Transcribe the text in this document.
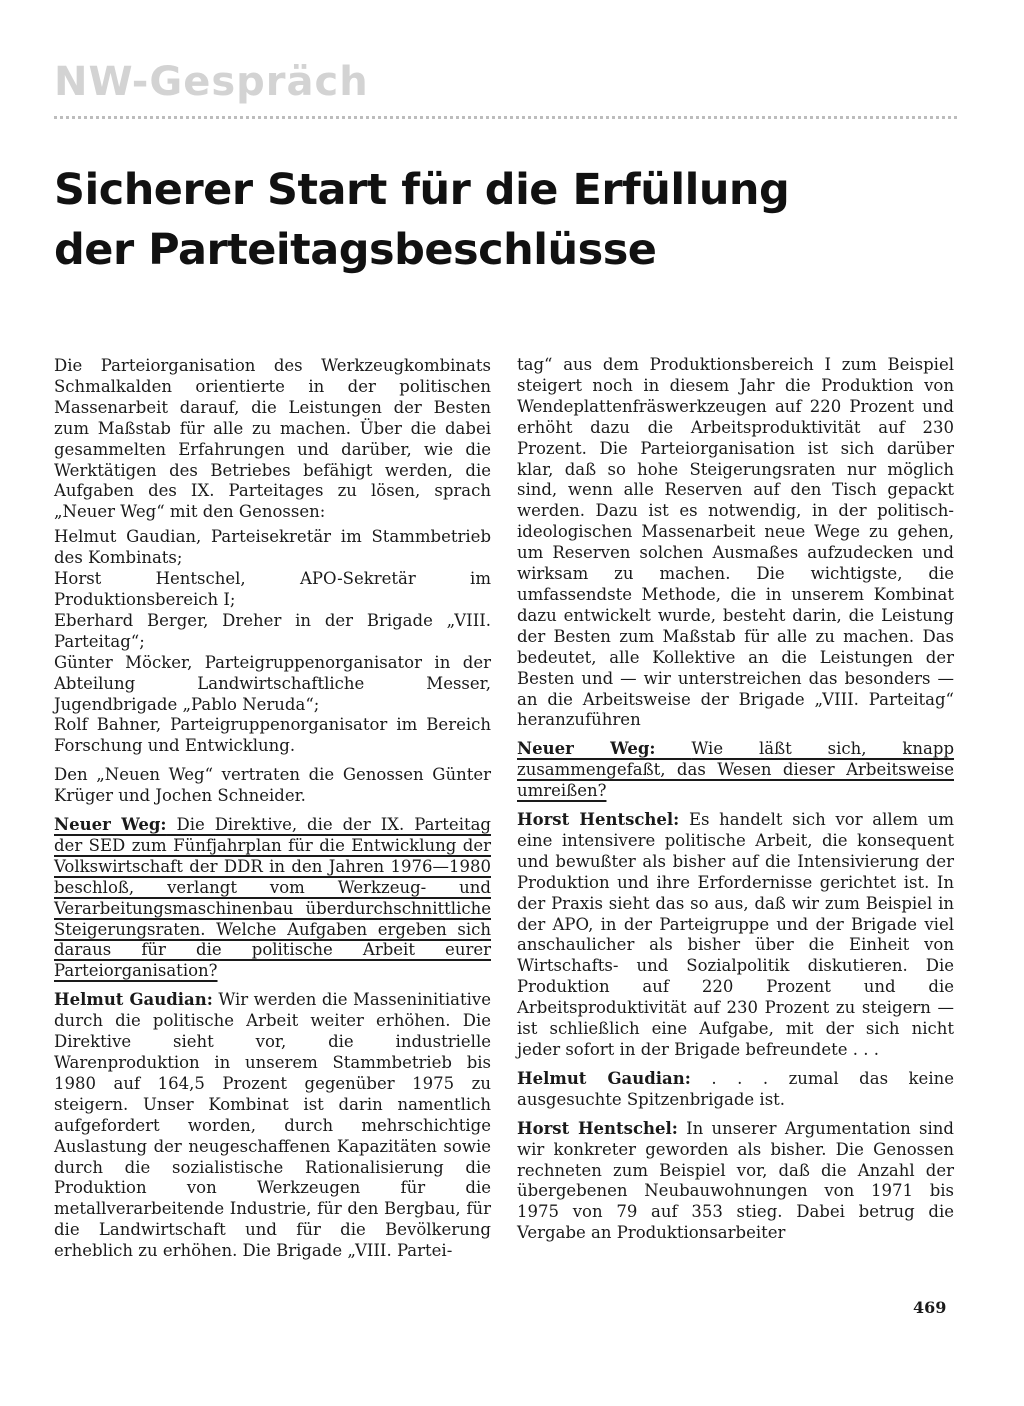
NW-Gespräch
Sicherer Start für die Erfüllung
der Parteitagsbeschlüsse

Die Parteiorganisation des Werkzeugkombinats Schmalkalden orientierte in der politischen Massenarbeit darauf, die Leistungen der Besten zum Maßstab für alle zu machen. Über die dabei gesammelten Erfahrungen und darüber, wie die Werktätigen des Betriebes befähigt werden, die Aufgaben des IX. Parteitages zu lösen, sprach „Neuer Weg“ mit den Genossen:

Helmut Gaudian, Parteisekretär im Stammbetrieb des Kombinats;

Horst Hentschel, APO-Sekretär im Produktionsbereich I;

Eberhard Berger, Dreher in der Brigade „VIII. Parteitag“;

Günter Möcker, Parteigruppenorganisator in der Abteilung Landwirtschaftliche Messer, Jugendbrigade „Pablo Neruda“;

Rolf Bahner, Parteigruppenorganisator im Bereich Forschung und Entwicklung.

Den „Neuen Weg“ vertraten die Genossen Günter Krüger und Jochen Schneider.

Neuer Weg: Die Direktive, die der IX. Parteitag der SED zum Fünfjahrplan für die Entwicklung der Volkswirtschaft der DDR in den Jahren 1976—1980 beschloß, verlangt vom Werkzeug- und Verarbeitungsmaschinenbau überdurchschnittliche Steigerungsraten. Welche Aufgaben ergeben sich daraus für die politische Arbeit eurer Parteiorganisation?

Helmut Gaudian: Wir werden die Masseninitiative durch die politische Arbeit weiter erhöhen. Die Direktive sieht vor, die industrielle Warenproduktion in unserem Stammbetrieb bis 1980 auf 164,5 Prozent gegenüber 1975 zu steigern. Unser Kombinat ist darin namentlich aufgefordert worden, durch mehrschichtige Auslastung der neugeschaffenen Kapazitäten sowie durch die sozialistische Rationalisierung die Produktion von Werkzeugen für die metallverarbeitende Industrie, für den Bergbau, für die Landwirtschaft und für die Bevölkerung erheblich zu erhöhen. Die Brigade „VIII. Partei-

tag“ aus dem Produktionsbereich I zum Beispiel steigert noch in diesem Jahr die Produktion von Wendeplattenfräswerkzeugen auf 220 Prozent und erhöht dazu die Arbeitsproduktivität auf 230 Prozent. Die Parteiorganisation ist sich darüber klar, daß so hohe Steigerungsraten nur möglich sind, wenn alle Reserven auf den Tisch gepackt werden. Dazu ist es notwendig, in der politisch-ideologischen Massenarbeit neue Wege zu gehen, um Reserven solchen Ausmaßes aufzudecken und wirksam zu machen. Die wichtigste, die umfassendste Methode, die in unserem Kombinat dazu entwickelt wurde, besteht darin, die Leistung der Besten zum Maßstab für alle zu machen. Das bedeutet, alle Kollektive an die Leistungen der Besten und — wir unterstreichen das besonders — an die Arbeitsweise der Brigade „VIII. Parteitag“ heranzuführen

Neuer Weg: Wie läßt sich, knapp zusammengefaßt, das Wesen dieser Arbeitsweise umreißen?

Horst Hentschel: Es handelt sich vor allem um eine intensivere politische Arbeit, die konsequent und bewußter als bisher auf die Intensivierung der Produktion und ihre Erfordernisse gerichtet ist. In der Praxis sieht das so aus, daß wir zum Beispiel in der APO, in der Parteigruppe und der Brigade viel anschaulicher als bisher über die Einheit von Wirtschafts- und Sozialpolitik diskutieren. Die Produktion auf 220 Prozent und die Arbeitsproduktivität auf 230 Prozent zu steigern — ist schließlich eine Aufgabe, mit der sich nicht jeder sofort in der Brigade befreundete . . .

Helmut Gaudian: . . . zumal das keine ausgesuchte Spitzenbrigade ist.

Horst Hentschel: In unserer Argumentation sind wir konkreter geworden als bisher. Die Genossen rechneten zum Beispiel vor, daß die Anzahl der übergebenen Neubauwohnungen von 1971 bis 1975 von 79 auf 353 stieg. Dabei betrug die Vergabe an Produktionsarbeiter

469
